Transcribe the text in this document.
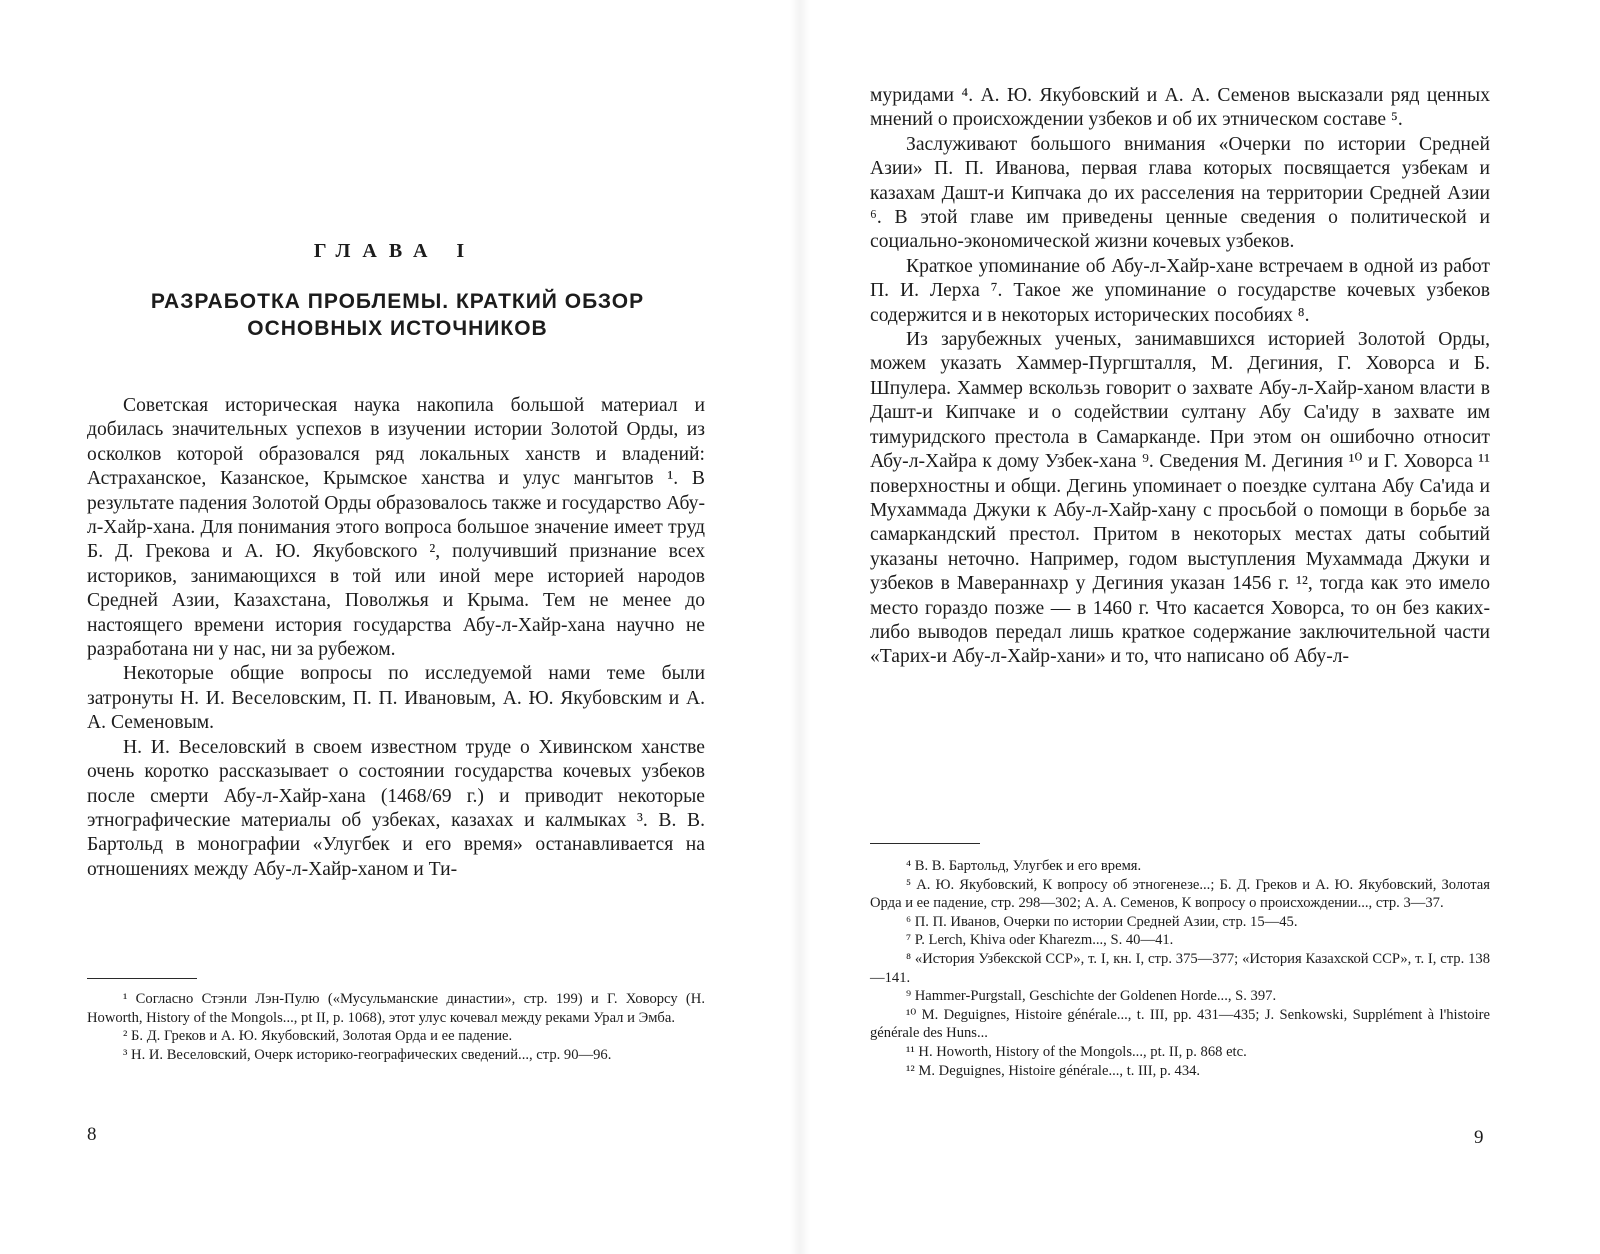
ГЛАВА I
РАЗРАБОТКА ПРОБЛЕМЫ. КРАТКИЙ ОБЗОР
ОСНОВНЫХ ИСТОЧНИКОВ

Советская историческая наука накопила большой материал и добилась значительных успехов в изучении истории Золотой Орды, из осколков которой образовался ряд локальных ханств и владений: Астраханское, Казанское, Крымское ханства и улус мангытов ¹. В результате падения Золотой Орды образовалось также и государство Абу-л-Хайр-хана. Для понимания этого вопроса большое значение имеет труд Б. Д. Грекова и А. Ю. Якубовского ², получивший признание всех историков, занимающихся в той или иной мере историей народов Средней Азии, Казахстана, Поволжья и Крыма. Тем не менее до настоящего времени история государства Абу-л-Хайр-хана научно не разработана ни у нас, ни за рубежом.

Некоторые общие вопросы по исследуемой нами теме были затронуты Н. И. Веселовским, П. П. Ивановым, А. Ю. Якубовским и А. А. Семеновым.

Н. И. Веселовский в своем известном труде о Хивинском ханстве очень коротко рассказывает о состоянии государства кочевых узбеков после смерти Абу-л-Хайр-хана (1468/69 г.) и приводит некоторые этнографические материалы об узбеках, казахах и калмыках ³. В. В. Бартольд в монографии «Улугбек и его время» останавливается на отношениях между Абу-л-Хайр-ханом и Ти-

¹ Согласно Стэнли Лэн-Пулю («Мусульманские династии», стр. 199) и Г. Ховорсу (H. Howorth, History of the Mongols..., pt II, p. 1068), этот улус кочевал между реками Урал и Эмба.

² Б. Д. Греков и А. Ю. Якубовский, Золотая Орда и ее падение.

³ Н. И. Веселовский, Очерк историко-географических сведений..., стр. 90—96.

8

муридами ⁴. А. Ю. Якубовский и А. А. Семенов высказали ряд ценных мнений о происхождении узбеков и об их этническом составе ⁵.

Заслуживают большого внимания «Очерки по истории Средней Азии» П. П. Иванова, первая глава которых посвящается узбекам и казахам Дашт-и Кипчака до их расселения на территории Средней Азии ⁶. В этой главе им приведены ценные сведения о политической и социально-экономической жизни кочевых узбеков.

Краткое упоминание об Абу-л-Хайр-хане встречаем в одной из работ П. И. Лерха ⁷. Такое же упоминание о государстве кочевых узбеков содержится и в некоторых исторических пособиях ⁸.

Из зарубежных ученых, занимавшихся историей Золотой Орды, можем указать Хаммер-Пургшталля, М. Дегиния, Г. Ховорса и Б. Шпулера. Хаммер вскользь говорит о захвате Абу-л-Хайр-ханом власти в Дашт-и Кипчаке и о содействии султану Абу Са'иду в захвате им тимуридского престола в Самарканде. При этом он ошибочно относит Абу-л-Хайра к дому Узбек-хана ⁹. Сведения М. Дегиния ¹⁰ и Г. Ховорса ¹¹ поверхностны и общи. Дегинь упоминает о поездке султана Абу Са'ида и Мухаммада Джуки к Абу-л-Хайр-хану с просьбой о помощи в борьбе за самаркандский престол. Притом в некоторых местах даты событий указаны неточно. Например, годом выступления Мухаммада Джуки и узбеков в Мавераннахр у Дегиния указан 1456 г. ¹², тогда как это имело место гораздо позже — в 1460 г. Что касается Ховорса, то он без каких-либо выводов передал лишь краткое содержание заключительной части «Тарих-и Абу-л-Хайр-хани» и то, что написано об Абу-л-

⁴ В. В. Бартольд, Улугбек и его время.

⁵ А. Ю. Якубовский, К вопросу об этногенезе...; Б. Д. Греков и А. Ю. Якубовский, Золотая Орда и ее падение, стр. 298—302; А. А. Семенов, К вопросу о происхождении..., стр. 3—37.

⁶ П. П. Иванов, Очерки по истории Средней Азии, стр. 15—45.

⁷ P. Lerch, Khiva oder Kharezm..., S. 40—41.

⁸ «История Узбекской ССР», т. I, кн. I, стр. 375—377; «История Казахской ССР», т. I, стр. 138—141.

⁹ Hammer-Purgstall, Geschichte der Goldenen Horde..., S. 397.

¹⁰ M. Deguignes, Histoire générale..., t. III, pp. 431—435; J. Senkowski, Supplément à l'histoire générale des Huns...

¹¹ H. Howorth, History of the Mongols..., pt. II, p. 868 etc.

¹² M. Deguignes, Histoire générale..., t. III, p. 434.

9
